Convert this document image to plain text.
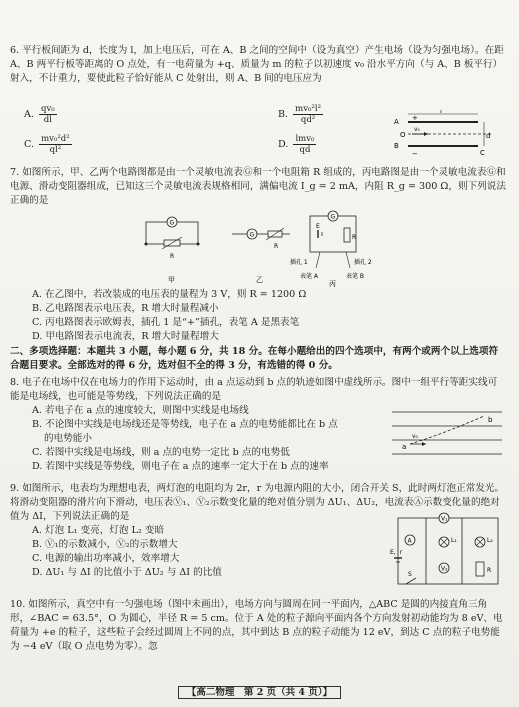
6. 平行板间距为 d，长度为 l，加上电压后，可在 A、B 之间的空间中（设为真空）产生电场（设为匀强电场）。在距 A、B 两平行板等距离的 O 点处，有一电荷量为 +q、质量为 m 的粒子以初速度 v₀ 沿水平方向（与 A、B 板平行）射入，不计重力，要使此粒子恰好能从 C 处射出，则 A、B 间的电压应为

A. $\frac{\text{qv₀}}{dl}$	B. $\frac{\text{mv₀²l²}}{\text{qd²}}$
C. $\frac{\text{mv₀²d²}}{\text{ql²}}$	D. $\frac{\text{lmv₀}}{qd}$
l
d
A
B
O
v₀
C
+
−

7. 如图所示，甲、乙两个电路图都是由一个灵敏电流表Ⓖ和一个电阻箱 R 组成的，丙电路图是由一个灵敏电流表Ⓖ和电源、滑动变阻器组成，已知这三个灵敏电流表规格相同，满偏电流 I_g = 2 mA，内阻 R_g = 300 Ω，则下列说法正确的是

G
R
甲
G
R
乙
G
E
R
插孔 1	插孔 2
表笔 A	表笔 B
丙

A. 在乙图中，若改装成的电压表的量程为 3 V，则 R = 1200 Ω

B. 乙电路图表示电压表，R 增大时量程减小

C. 丙电路图表示欧姆表，插孔 1 是“+”插孔，表笔 A 是黑表笔

D. 甲电路图表示电流表，R 增大时量程增大

二、多项选择题：本题共 3 小题，每小题 6 分，共 18 分。在每小题给出的四个选项中，有两个或两个以上选项符合题目要求。全部选对的得 6 分，选对但不全的得 3 分，有选错的得 0 分。

8. 电子在电场中仅在电场力的作用下运动时，由 a 点运动到 b 点的轨迹如图中虚线所示。图中一组平行等距实线可能是电场线，也可能是等势线，下列说法正确的是

A. 若电子在 a 点的速度较大，则图中实线是电场线

B. 不论图中实线是电场线还是等势线，电子在 a 点的电势能都比在 b 点

的电势能小

C. 若图中实线是电场线，则 a 点的电势一定比 b 点的电势低

D. 若图中实线是等势线，则电子在 a 点的速率一定大于在 b 点的速率

a
b
v₀

9. 如图所示，电表均为理想电表，两灯泡的电阻均为 2r，r 为电源内阻的大小，闭合开关 S，此时两灯泡正常发光。将滑动变阻器的滑片向下滑动，电压表Ⓥ₁、Ⓥ₂示数变化量的绝对值分别为 ΔU₁、ΔU₂，电流表Ⓐ示数变化量的绝对值为 ΔI，下列说法正确的是

A. 灯泡 L₁ 变亮，灯泡 L₂ 变暗

B. Ⓥ₁的示数减小，Ⓥ₂的示数增大

C. 电源的输出功率减小，效率增大

D. ΔU₁ 与 ΔI 的比值小于 ΔU₂ 与 ΔI 的比值

V₁
A	L₁	L₂
V₂	R
E，r
S

10. 如图所示，真空中有一匀强电场（图中未画出），电场方向与圆周在同一平面内，△ABC 是圆的内接直角三角形，∠BAC = 63.5°，O 为圆心，半径 R = 5 cm。位于 A 处的粒子源向平面内各个方向发射初动能均为 8 eV、电荷量为 +e 的粒子，这些粒子会经过圆周上不同的点，其中到达 B 点的粒子动能为 12 eV，到达 C 点的粒子电势能为 −4 eV（取 O 点电势为零）。忽

【高二物理　第 2 页（共 4 页）】
